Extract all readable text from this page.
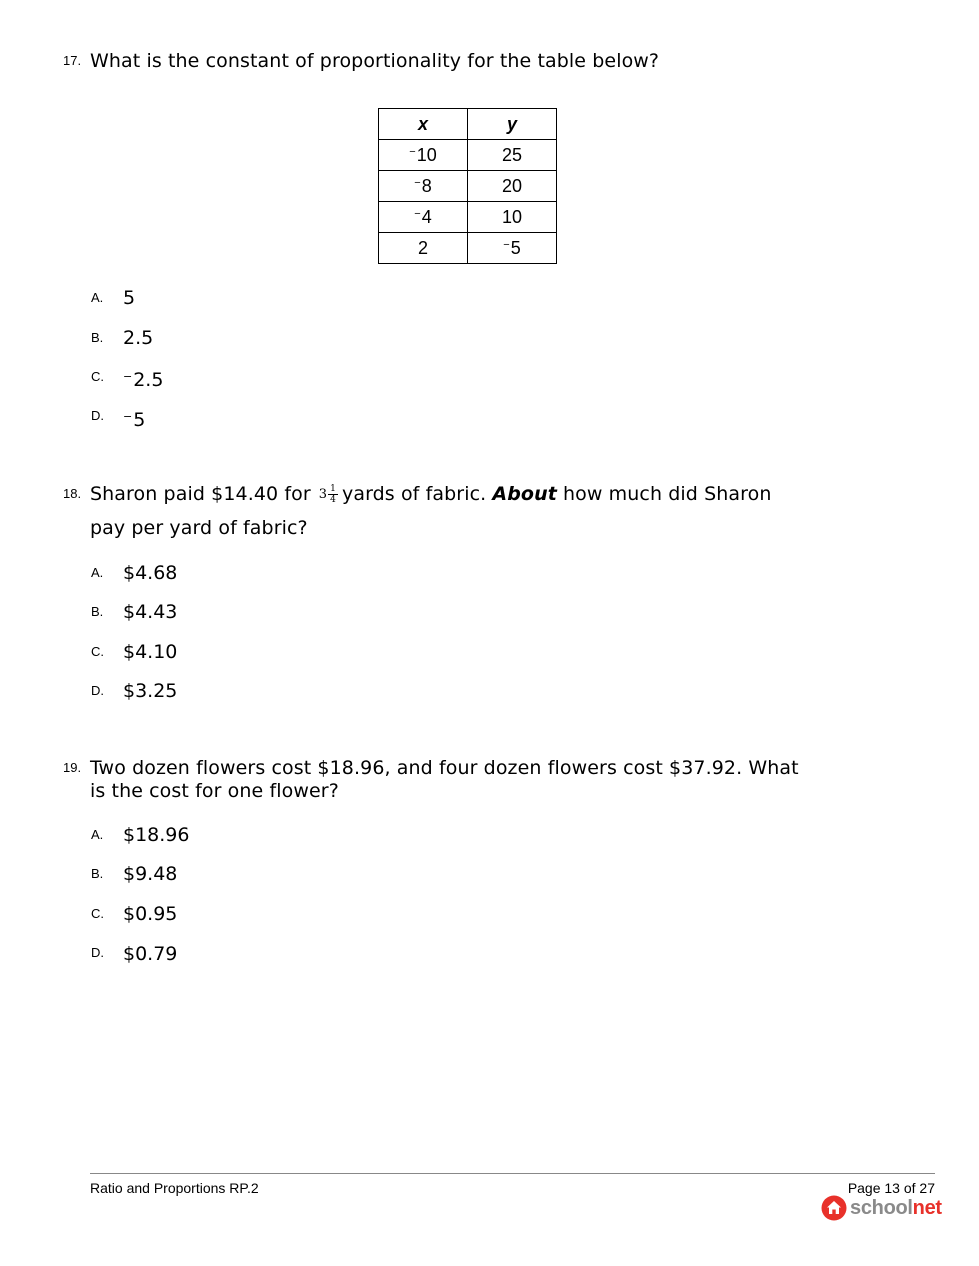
17. What is the constant of proportionality for the table below?
x	y
−10	25
−8	20
−4	10
2	−5
A. 5
B. 2.5
C. −2.5
D. −5
18. Sharon paid $14.40 for $3 \frac{1}{4}$ yards of fabric. About how much did Sharon
pay per yard of fabric?
A. $4.68
B. $4.43
C. $4.10
D. $3.25
19. Two dozen flowers cost $18.96, and four dozen flowers cost $37.92. What
is the cost for one flower?
A. $18.96
B. $9.48
C. $0.95
D. $0.79
Ratio and Proportions RP.2	Page 13 of 27
schoolnet
